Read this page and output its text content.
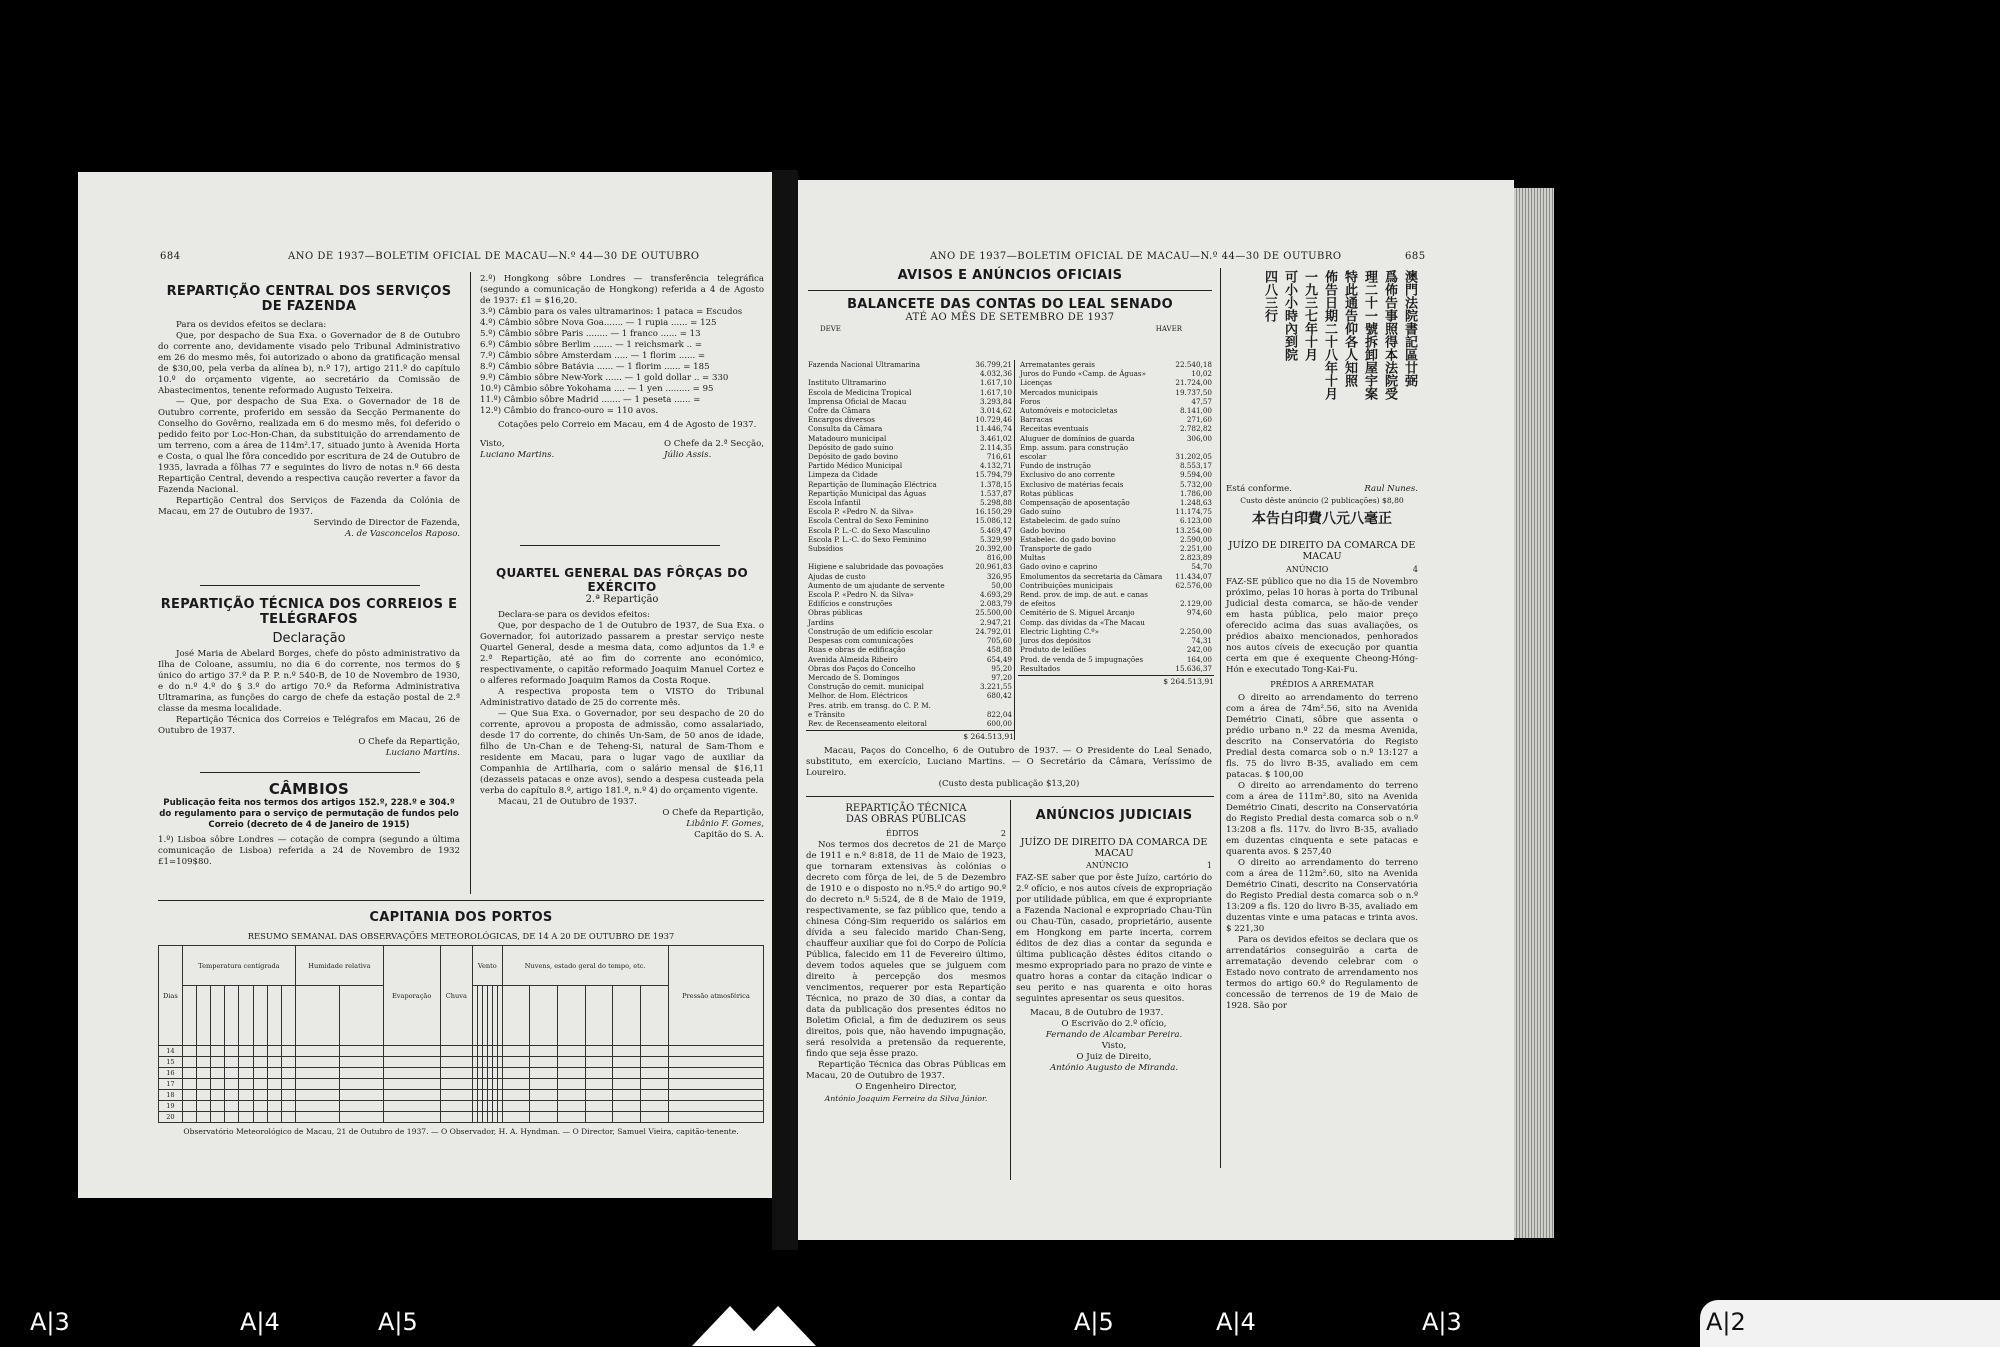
684	ANO DE 1937—BOLETIM OFICIAL DE MACAU—N.º 44—30 DE OUTUBRO
REPARTIÇÃO CENTRAL DOS SERVIÇOS DE FAZENDA

Para os devidos efeitos se declara:

Que, por despacho de Sua Exa. o Governador de 8 de Outubro do corrente ano, devidamente visado pelo Tribunal Administrativo em 26 do mesmo mês, foi autorizado o abono da gratificação mensal de $30,00, pela verba da alínea b), n.º 17), artigo 211.º do capítulo 10.º do orçamento vigente, ao secretário da Comissão de Abastecimentos, tenente reformado Augusto Teixeira.

— Que, por despacho de Sua Exa. o Governador de 18 de Outubro corrente, proferido em sessão da Secção Permanente do Conselho do Govêrno, realizada em 6 do mesmo mês, foi deferido o pedido feito por Loc-Hon-Chan, da substituição do arrendamento de um terreno, com a área de 114m².17, situado junto à Avenida Horta e Costa, o qual lhe fôra concedido por escritura de 24 de Outubro de 1935, lavrada a fôlhas 77 e seguintes do livro de notas n.º 66 desta Repartição Central, devendo a respectiva caução reverter a favor da Fazenda Nacional.

Repartição Central dos Serviços de Fazenda da Colónia de Macau, em 27 de Outubro de 1937.

Servindo de Director de Fazenda,
A. de Vasconcelos Raposo.
REPARTIÇÃO TÉCNICA DOS CORREIOS E TELÉGRAFOS
Declaração

José Maria de Abelard Borges, chefe do pôsto administrativo da Ilha de Coloane, assumiu, no dia 6 do corrente, nos termos do § único do artigo 37.º da P. P. n.º 540-B, de 10 de Novembro de 1930, e do n.º 4.º do § 3.º do artigo 70.º da Reforma Administrativa Ultramarina, as funções do cargo de chefe da estação postal de 2.ª classe da mesma localidade.

Repartição Técnica dos Correios e Telégrafos em Macau, 26 de Outubro de 1937.

O Chefe da Repartição,
Luciano Martins.
CÂMBIOS
Publicação feita nos termos dos artigos 152.º, 228.º e 304.º do regulamento para o serviço de permutação de fundos pelo Correio (decreto de 4 de Janeiro de 1915)

1.º) Lisboa sôbre Londres — cotação de compra (segundo a última comunicação de Lisboa) referida a 24 de Novembro de 1932 £1=109$80.

2.º) Hongkong sôbre Londres — transferência telegráfica (segundo a comunicação de Hongkong) referida a 4 de Agosto de 1937: £1 = $16,20.

3.º) Câmbio para os vales ultramarinos: 1 pataca = Escudos

4.º) Câmbio sôbre Nova Goa....... — 1 rupia ...... = 125
5.º) Câmbio sôbre Paris ........ — 1 franco ...... = 13
6.º) Câmbio sôbre Berlim ....... — 1 reichsmark .. =
7.º) Câmbio sôbre Amsterdam ..... — 1 florim ...... =
8.º) Câmbio sôbre Batávia ...... — 1 florim ...... = 185
9.º) Câmbio sôbre New-York ...... — 1 gold dollar .. = 330
10.º) Câmbio sôbre Yokohama .... — 1 yen ......... = 95
11.º) Câmbio sôbre Madrid ....... — 1 peseta ...... =
12.º) Câmbio do franco-ouro = 110 avos.

Cotações pelo Correio em Macau, em 4 de Agosto de 1937.

Visto,
Luciano Martins.
O Chefe da 2.ª Secção,
Júlio Assis.
QUARTEL GENERAL DAS FÔRÇAS DO EXÉRCITO
2.ª Repartição

Declara-se para os devidos efeitos:

Que, por despacho de 1 de Outubro de 1937, de Sua Exa. o Governador, foi autorizado passarem a prestar serviço neste Quartel General, desde a mesma data, como adjuntos da 1.ª e 2.ª Repartição, até ao fim do corrente ano económico, respectivamente, o capitão reformado Joaquim Manuel Cortez e o alferes reformado Joaquim Ramos da Costa Roque.

A respectiva proposta tem o VISTO do Tribunal Administrativo datado de 25 do corrente mês.

— Que Sua Exa. o Governador, por seu despacho de 20 do corrente, aprovou a proposta de admissão, como assalariado, desde 17 do corrente, do chinês Un-Sam, de 50 anos de idade, filho de Un-Chan e de Teheng-Si, natural de Sam-Thom e residente em Macau, para o lugar vago de auxiliar da Companhia de Artilharia, com o salário mensal de $16,11 (dezasseis patacas e onze avos), sendo a despesa custeada pela verba do capítulo 8.º, artigo 181.º, n.º 4) do orçamento vigente.

Macau, 21 de Outubro de 1937.

O Chefe da Repartição,
Libânio F. Gomes,
Capitão do S. A.
CAPITANIA DOS PORTOS
RESUMO SEMANAL DAS OBSERVAÇÕES METEOROLÓGICAS, DE 14 A 20 DE OUTUBRO DE 1937
Dias	Temperatura centígrada								Humidade relativa		Evaporação	Chuva	Vento						Nuvens, estado geral do tempo, etc.						Pressão atmosférica

14																									
15																									
16																									
17																									
18																									
19																									
20																									
Observatório Meteorológico de Macau, 21 de Outubro de 1937. — O Observador, H. A. Hyndman. — O Director, Samuel Vieira, capitão-tenente.
ANO DE 1937—BOLETIM OFICIAL DE MACAU—N.º 44—30 DE OUTUBRO	685
AVISOS E ANÚNCIOS OFICIAIS
BALANCETE DAS CONTAS DO LEAL SENADO
ATÉ AO MÊS DE SETEMBRO DE 1937
DEVE	HAVER
Fazenda Nacional Ultramarina	36.799,21
	4.032,36
Instituto Ultramarino	1.617,10
Escola de Medicina Tropical	1.617,10
Imprensa Oficial de Macau	3.293,84
Cofre da Câmara	3.014,62
Encargos diversos	10.729,46
Consulta da Câmara	11.446,74
Matadouro municipal	3.461,02
Depósito de gado suíno	2.114,35
Depósito de gado bovino	716,61
Partido Médico Municipal	4.132,71
Limpeza da Cidade	15.794,79
Repartição de Iluminação Eléctrica	1.378,15
Repartição Municipal das Águas	1.537,87
Escola Infantil	5.298,88
Escola P. «Pedro N. da Silva»	16.150,29
Escola Central do Sexo Feminino	15.086,12
Escola P. L.-C. do Sexo Masculino	5.469,47
Escola P. L.-C. do Sexo Feminino	5.329,99
Subsídios	20.392,00
	816,00
Higiene e salubridade das povoações	20.961,83
Ajudas de custo	326,95
Aumento de um ajudante de servente	50,00
Escola P. «Pedro N. da Silva»	4.693,29
Edifícios e construções	2.083,79
Obras públicas	25.500,00
Jardins	2.947,21
Construção de um edifício escolar	24.792,01
Despesas com comunicações	705,60
Ruas e obras de edificação	458,88
Avenida Almeida Ribeiro	654,49
Obras dos Paços do Concelho	95,20
Mercado de S. Domingos	97,20
Construção do cemit. municipal	3.221,55
Melhor. de Hom. Eléctricos	680,42
Pres. atrib. em transg. do C. P. M.	
e Trânsito	822,04
Rev. de Recenseamento eleitoral	600,00
$ 264.513,91
Arrematantes gerais	22.540,18
Juros do Fundo «Camp. de Águas»	10,02
Licenças	21.724,00
Mercados municipais	19.737,50
Foros	47,57
Automóveis e motocicletas	8.141,00
Barracas	271,60
Receitas eventuais	2.782,82
Aluguer de domínios de guarda	306,00
Emp. assum. para construção	
escolar	31.202,05
Fundo de instrução	8.553,17
Exclusivo do ano corrente	9.594,00
Exclusivo de matérias fecais	5.732,00
Rotas públicas	1.786,00
Compensação de aposentação	1.248,63
Gado suíno	11.174,75
Estabelecim. de gado suíno	6.123,00
Gado bovino	13.254,00
Estabelec. do gado bovino	2.590,00
Transporte de gado	2.251,00
Multas	2.823,89
Gado ovino e caprino	54,70
Emolumentos da secretaria da Câmara	11.434,07
Contribuições municipais	62.576,00
Rend. prov. de imp. de aut. e canas	
de efeitos	2.129,00
Cemitério de S. Miguel Arcanjo	974,60
Comp. das dívidas da «The Macau	
Electric Lighting C.º»	2.250,00
Juros dos depósitos	74,31
Produto de leilões	242,00
Prod. de venda de 5 impugnações	164,00
Resultados	15.636,37
$ 264.513,91

Macau, Paços do Concelho, 6 de Outubro de 1937. — O Presidente do Leal Senado, substituto, em exercício, Luciano Martins. — O Secretário da Câmara, Veríssimo de Loureiro.

(Custo desta publicação $13,20)
REPARTIÇÃO TÉCNICA
DAS OBRAS PÚBLICAS
ÉDITOS	2

Nos termos dos decretos de 21 de Março de 1911 e n.º 8:818, de 11 de Maio de 1923, que tornaram extensivas às colónias o decreto com fôrça de lei, de 5 de Dezembro de 1910 e o disposto no n.º5.º do artigo 90.º do decreto n.º 5:524, de 8 de Maio de 1919, respectivamente, se faz público que, tendo a chinesa Cóng-Sim requerido os salários em dívida a seu falecido marido Chan-Seng, chauffeur auxiliar que foi do Corpo de Polícia Pública, falecido em 11 de Fevereiro último, devem todos aqueles que se julguem com direito à percepção dos mesmos vencimentos, requerer por esta Repartição Técnica, no prazo de 30 dias, a contar da data da publicação dos presentes éditos no Boletim Oficial, a fim de deduzirem os seus direitos, pois que, não havendo impugnação, será resolvida a pretensão da requerente, findo que seja êsse prazo.

Repartição Técnica das Obras Públicas em Macau, 20 de Outubro de 1937.

O Engenheiro Director,
António Joaquim Ferreira da Silva Júnior.
ANÚNCIOS JUDICIAIS
JUÍZO DE DIREITO DA COMARCA DE MACAU
ANÚNCIO	1

FAZ-SE saber que por êste Juízo, cartório do 2.º ofício, e nos autos cíveis de expropriação por utilidade pública, em que é expropriante a Fazenda Nacional e expropriado Chau-Tün ou Chau-Tün, casado, proprietário, ausente em Hongkong em parte incerta, correm éditos de dez dias a contar da segunda e última publicação dêstes éditos citando o mesmo expropriado para no prazo de vinte e quatro horas a contar da citação indicar o seu perito e nas quarenta e oito horas seguintes apresentar os seus quesitos.

Macau, 8 de Outubro de 1937.

O Escrivão do 2.º ofício,
Fernando de Alcambar Pereira.
Visto,
O Juiz de Direito,
António Augusto de Miranda.
澳門法院書記區廿弼
爲佈告事照得本法院受
理二十一號拆卸屋宇案
特此通告仰各人知照
佈告日期二十八年十月
一九三七年十月
可小小時內到院
四八三行
Está conforme.	Raul Nunes.
Custo dêste anúncio (2 publicações) $8,80
本告白印費八元八毫正
JUÍZO DE DIREITO DA COMARCA DE MACAU
ANÚNCIO	4

FAZ-SE público que no dia 15 de Novembro próximo, pelas 10 horas à porta do Tribunal Judicial desta comarca, se hão-de vender em hasta pública, pelo maior preço oferecido acima das suas avaliações, os prédios abaixo mencionados, penhorados nos autos cíveis de execução por quantia certa em que é exequente Cheong-Hóng-Hón e executado Tong-Kai-Fu.

PRÉDIOS A ARREMATAR

O direito ao arrendamento do terreno com a área de 74m².56, sito na Avenida Demétrio Cinati, sôbre que assenta o prédio urbano n.º 22 da mesma Avenida, descrito na Conservatória do Registo Predial desta comarca sob o n.º 13:127 a fls. 75 do livro B-35, avaliado em cem patacas. $ 100,00

O direito ao arrendamento do terreno com a área de 111m².80, sito na Avenida Demétrio Cinati, descrito na Conservatória do Registo Predial desta comarca sob o n.º 13:208 a fls. 117v. do livro B-35, avaliado em duzentas cinquenta e sete patacas e quarenta avos. $ 257,40

O direito ao arrendamento do terreno com a área de 112m².60, sito na Avenida Demétrio Cinati, descrito na Conservatória do Registo Predial desta comarca sob o n.º 13:209 a fls. 120 do livro B-35, avaliado em duzentas vinte e uma patacas e trinta avos. $ 221,30

Para os devidos efeitos se declara que os arrendatários conseguirão a carta de arrematação devendo celebrar com o Estado novo contrato de arrendamento nos termos do artigo 60.º do Regulamento de concessão de terrenos de 19 de Maio de 1928. São por

A|3	A|4	A|5	A|5	A|4	A|3	A|2
